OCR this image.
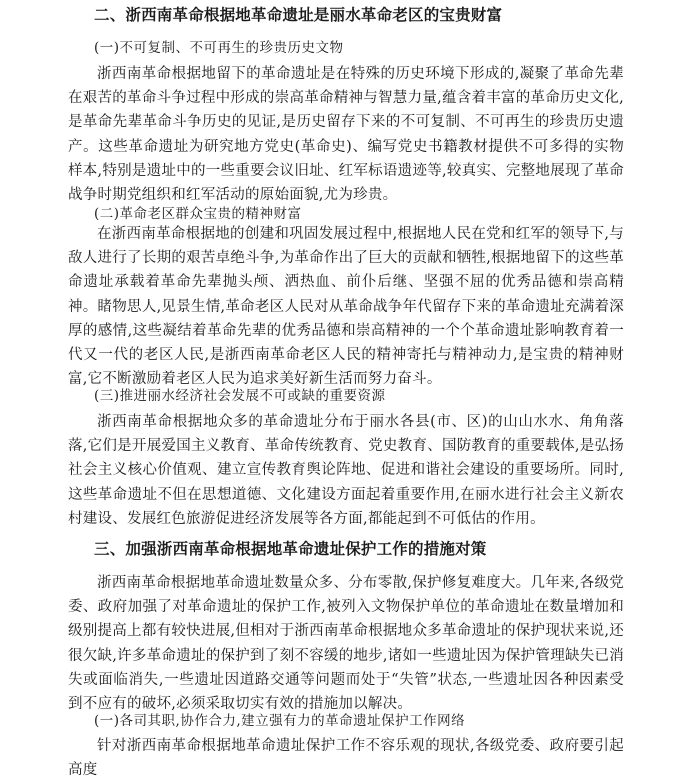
二、浙西南革命根据地革命遗址是丽水革命老区的宝贵财富

(一)不可复制、不可再生的珍贵历史文物

浙西南革命根据地留下的革命遗址是在特殊的历史环境下形成的,凝聚了革命先辈在艰苦的革命斗争过程中形成的崇高革命精神与智慧力量,蕴含着丰富的革命历史文化,是革命先辈革命斗争历史的见证,是历史留存下来的不可复制、不可再生的珍贵历史遗产。这些革命遗址为研究地方党史(革命史)、编写党史书籍教材提供不可多得的实物样本,特别是遗址中的一些重要会议旧址、红军标语遗迹等,较真实、完整地展现了革命战争时期党组织和红军活动的原始面貌,尤为珍贵。

(二)革命老区群众宝贵的精神财富

在浙西南革命根据地的创建和巩固发展过程中,根据地人民在党和红军的领导下,与敌人进行了长期的艰苦卓绝斗争,为革命作出了巨大的贡献和牺牲,根据地留下的这些革命遗址承载着革命先辈抛头颅、洒热血、前仆后继、坚强不屈的优秀品德和崇高精神。睹物思人,见景生情,革命老区人民对从革命战争年代留存下来的革命遗址充满着深厚的感情,这些凝结着革命先辈的优秀品德和崇高精神的一个个革命遗址影响教育着一代又一代的老区人民,是浙西南革命老区人民的精神寄托与精神动力,是宝贵的精神财富,它不断激励着老区人民为追求美好新生活而努力奋斗。

(三)推进丽水经济社会发展不可或缺的重要资源

浙西南革命根据地众多的革命遗址分布于丽水各县(市、区)的山山水水、角角落落,它们是开展爱国主义教育、革命传统教育、党史教育、国防教育的重要载体,是弘扬社会主义核心价值观、建立宣传教育舆论阵地、促进和谐社会建设的重要场所。同时,这些革命遗址不但在思想道德、文化建设方面起着重要作用,在丽水进行社会主义新农村建设、发展红色旅游促进经济发展等各方面,都能起到不可低估的作用。

三、加强浙西南革命根据地革命遗址保护工作的措施对策

浙西南革命根据地革命遗址数量众多、分布零散,保护修复难度大。几年来,各级党委、政府加强了对革命遗址的保护工作,被列入文物保护单位的革命遗址在数量增加和级别提高上都有较快进展,但相对于浙西南革命根据地众多革命遗址的保护现状来说,还很欠缺,许多革命遗址的保护到了刻不容缓的地步,诸如一些遗址因为保护管理缺失已消失或面临消失,一些遗址因道路交通等问题而处于“失管”状态,一些遗址因各种因素受到不应有的破坏,必须采取切实有效的措施加以解决。

(一)各司其职,协作合力,建立强有力的革命遗址保护工作网络

针对浙西南革命根据地革命遗址保护工作不容乐观的现状,各级党委、政府要引起高度
